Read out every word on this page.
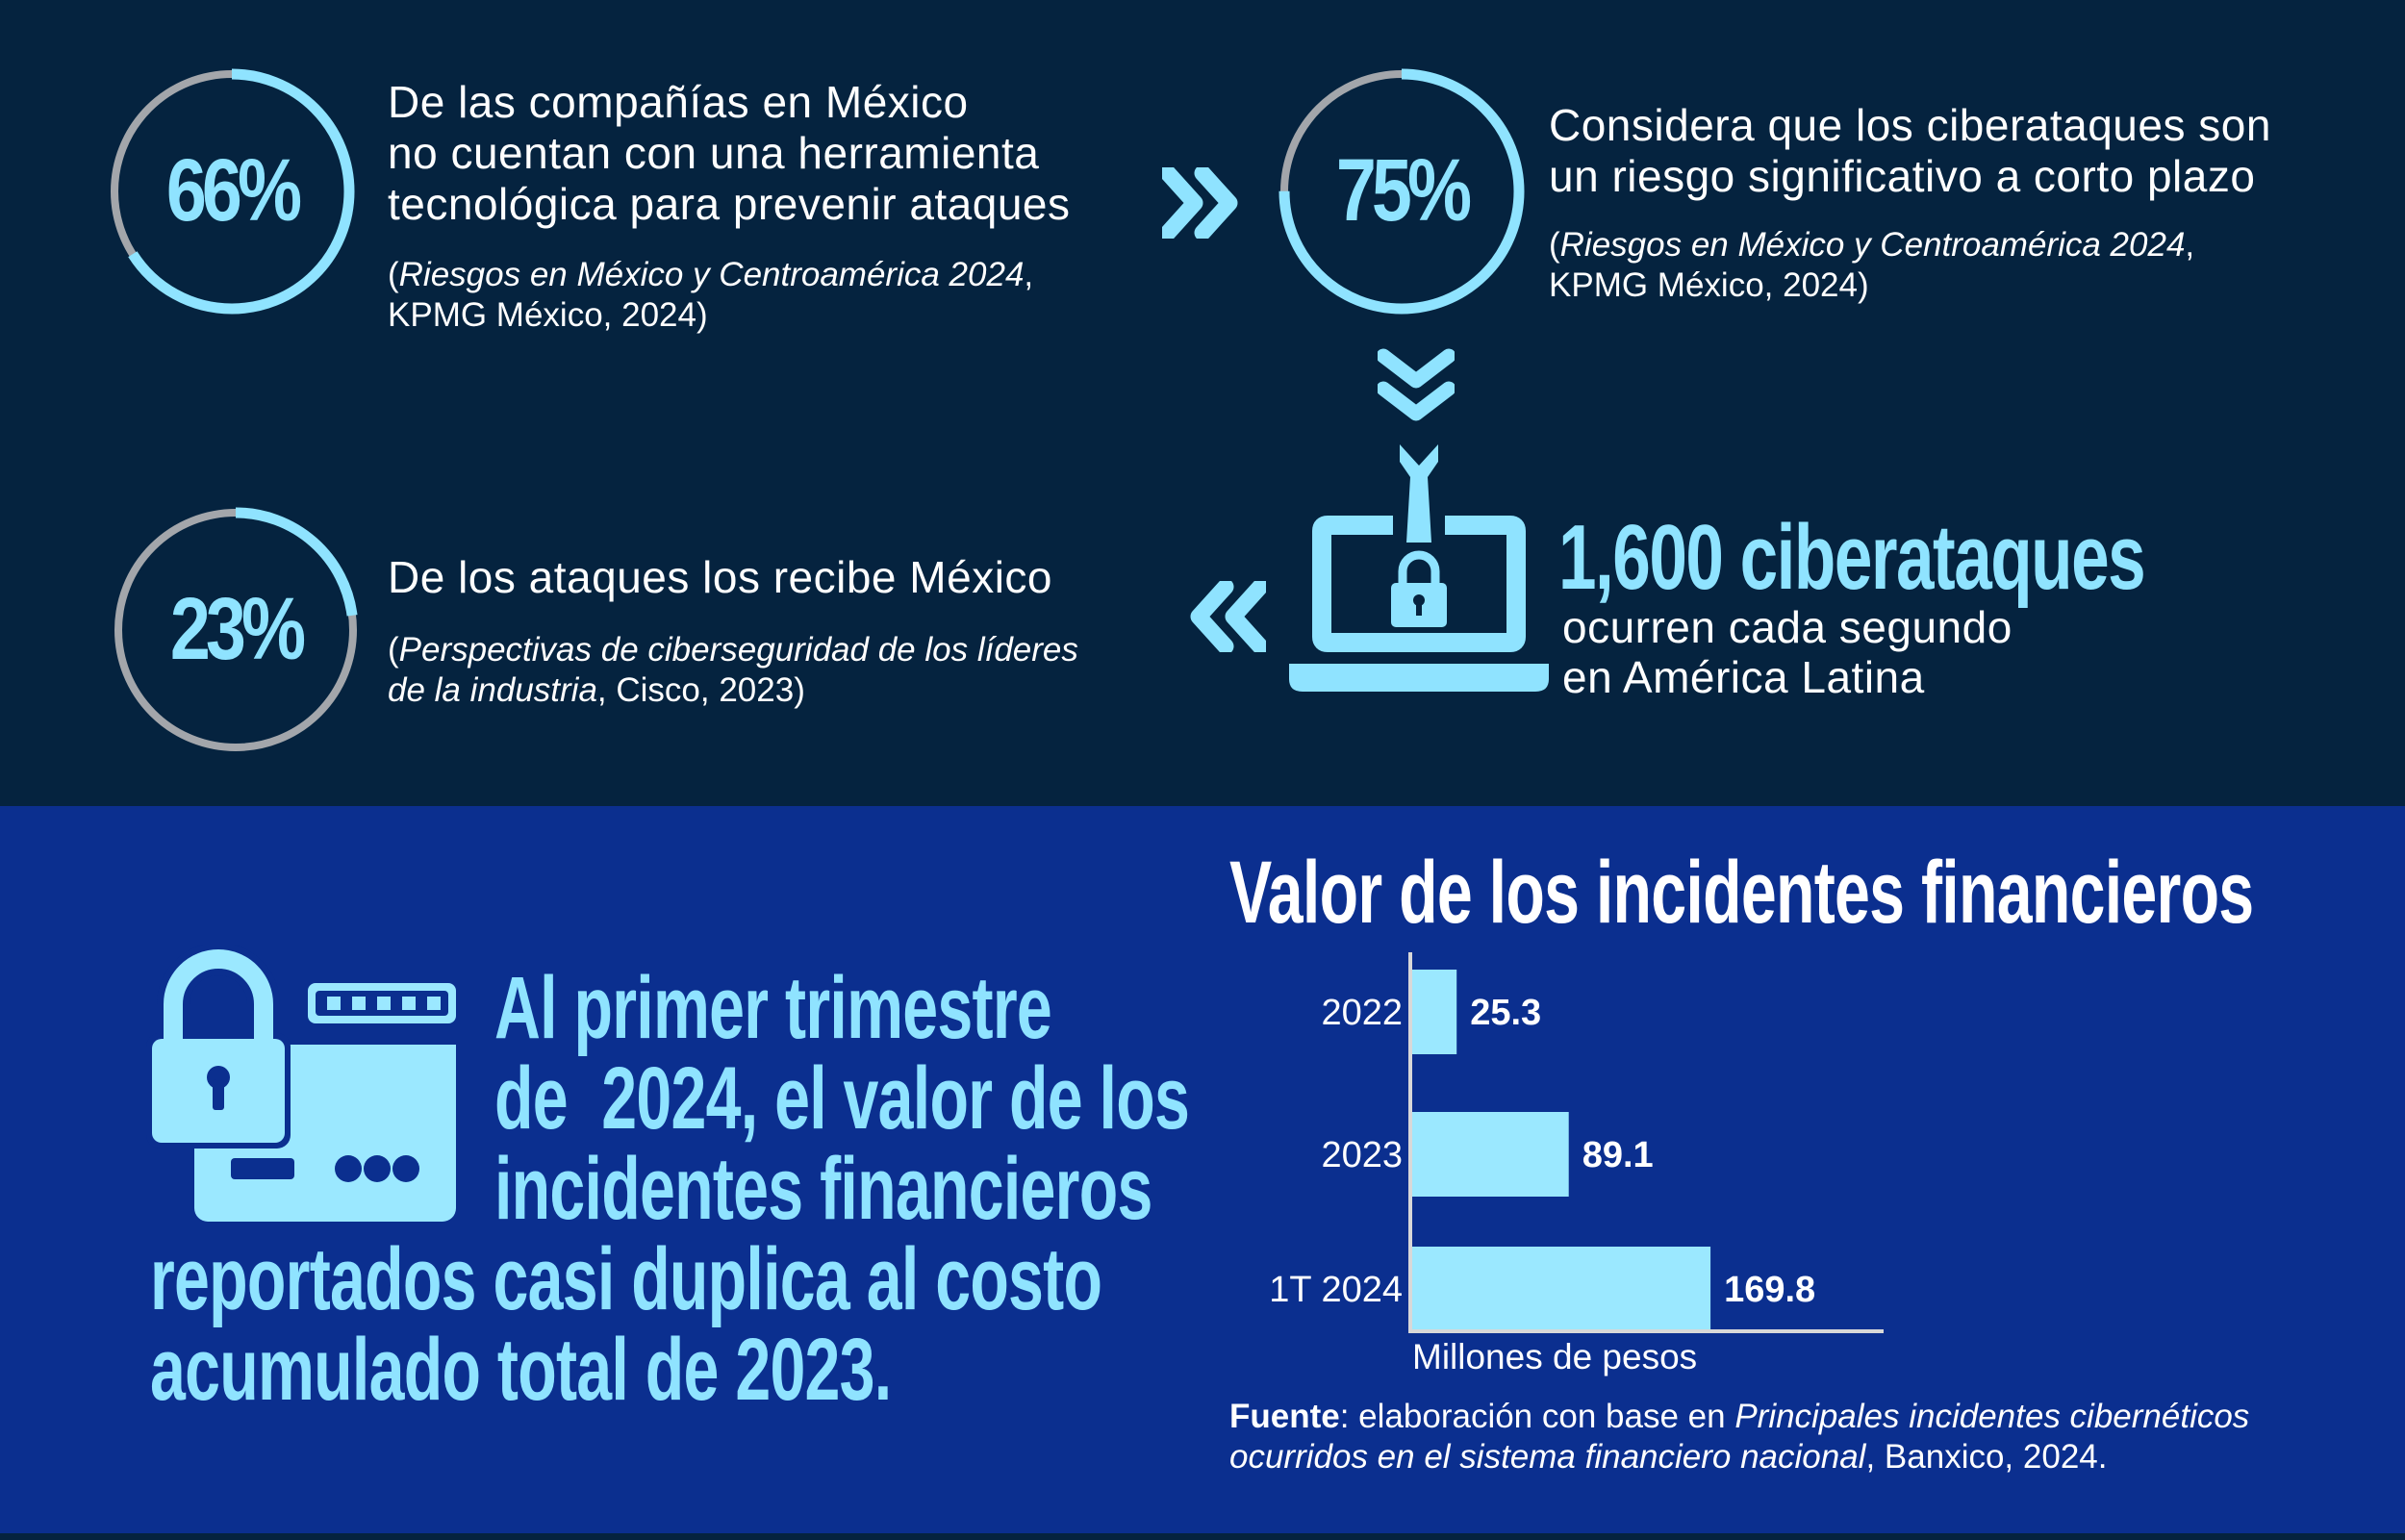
66%
De las compañías en México
no cuentan con una herramienta
tecnológica para prevenir ataques
(Riesgos en México y Centroamérica 2024,
KPMG México, 2024)
75%
Considera que los ciberataques son
un riesgo significativo a corto plazo
(Riesgos en México y Centroamérica 2024,
KPMG México, 2024)
1,600 ciberataques
ocurren cada segundo
en América Latina
23%
De los ataques los recibe México
(Perspectivas de ciberseguridad de los líderes
de la industria, Cisco, 2023)
Al primer trimestre
de  2024, el valor de los
incidentes financieros
reportados casi duplica al costo
acumulado total de 2023.
Valor de los incidentes financieros
2022 25.3
2023	89.1
1T 2024	169.8
Millones de pesos
Fuente: elaboración con base en Principales incidentes cibernéticos
ocurridos en el sistema financiero nacional, Banxico, 2024.
